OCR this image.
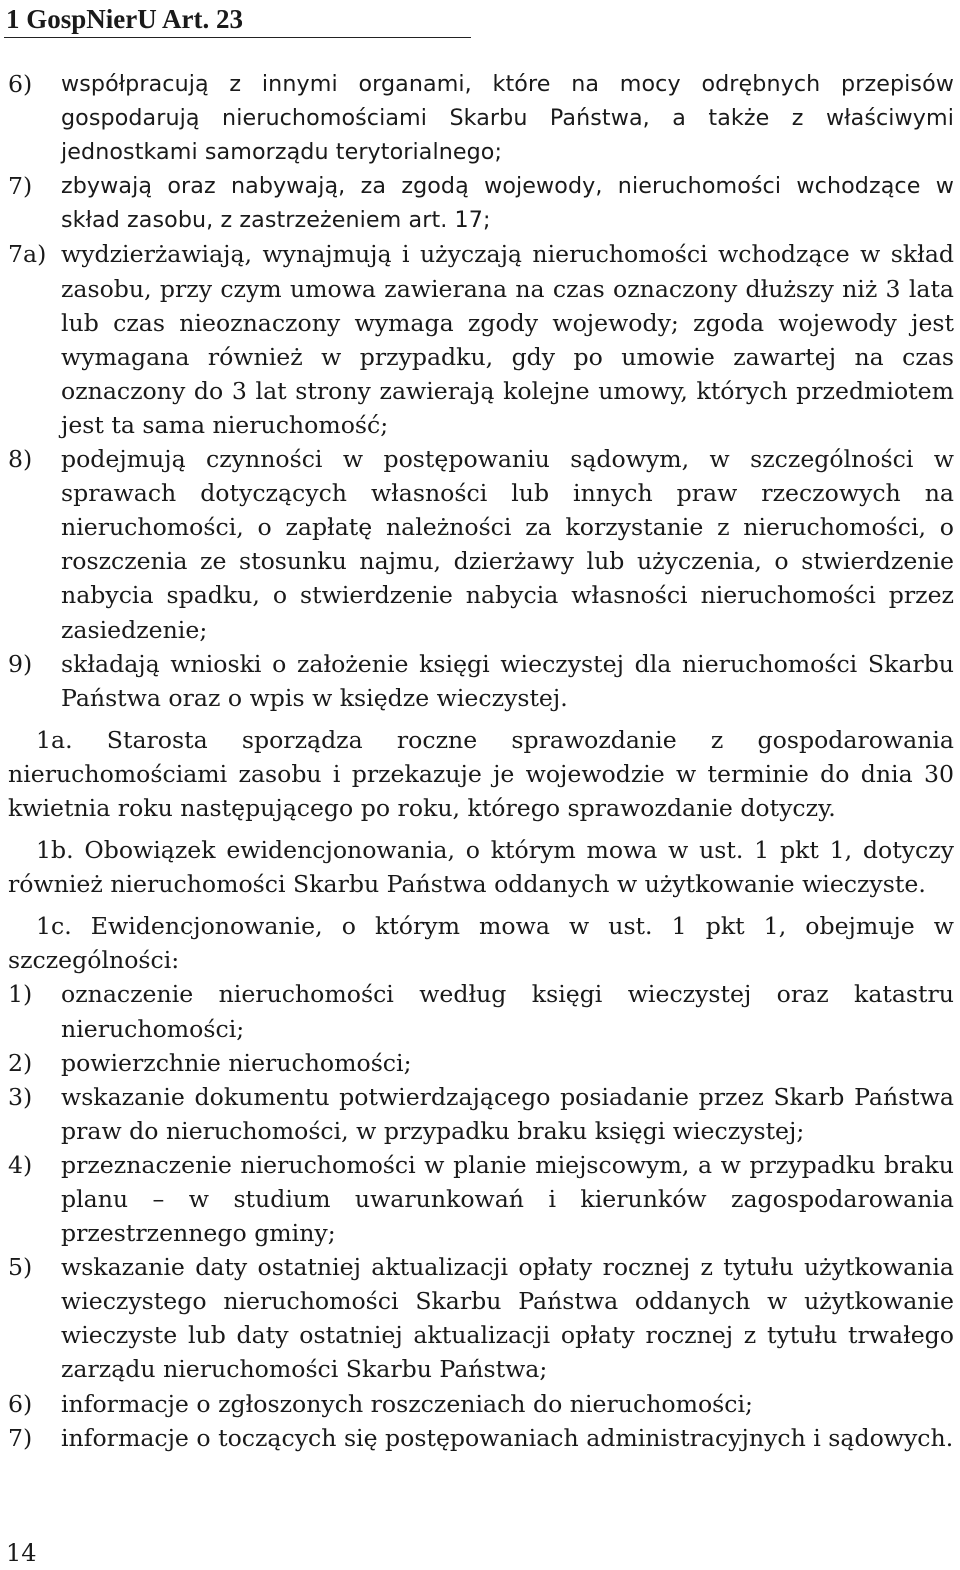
1 GospNierU Art. 23
6) współpracują z innymi organami, które na mocy odrębnych przepisów gospodarują nieruchomościami Skarbu Państwa, a także z właściwymi jednostkami samorządu terytorialnego;
7) zbywają oraz nabywają, za zgodą wojewody, nieruchomości wchodzące w skład zasobu, z zastrzeżeniem art. 17;
7a) wydzierżawiają, wynajmują i użyczają nieruchomości wchodzące w skład zasobu, przy czym umowa zawierana na czas oznaczony dłuższy niż 3 lata lub czas nieoznaczony wymaga zgody wojewody; zgoda wojewody jest wymagana również w przypadku, gdy po umowie zawartej na czas oznaczony do 3 lat strony zawierają kolejne umowy, których przedmiotem jest ta sama nieruchomość;
8) podejmują czynności w postępowaniu sądowym, w szczególności w sprawach dotyczących własności lub innych praw rzeczowych na nieruchomości, o zapłatę należności za korzystanie z nieruchomości, o roszczenia ze stosunku najmu, dzierżawy lub użyczenia, o stwierdzenie nabycia spadku, o stwierdzenie nabycia własności nieruchomości przez zasiedzenie;
9) składają wnioski o założenie księgi wieczystej dla nieruchomości Skarbu Państwa oraz o wpis w księdze wieczystej.

1a. Starosta sporządza roczne sprawozdanie z gospodarowania nieruchomościami zasobu i przekazuje je wojewodzie w terminie do dnia 30 kwietnia roku następującego po roku, którego sprawozdanie dotyczy.

1b. Obowiązek ewidencjonowania, o którym mowa w ust. 1 pkt 1, dotyczy również nieruchomości Skarbu Państwa oddanych w użytkowanie wieczyste.

1c. Ewidencjonowanie, o którym mowa w ust. 1 pkt 1, obejmuje w szczególności:

1) oznaczenie nieruchomości według księgi wieczystej oraz katastru nieruchomości;
2) powierzchnie nieruchomości;
3) wskazanie dokumentu potwierdzającego posiadanie przez Skarb Państwa praw do nieruchomości, w przypadku braku księgi wieczystej;
4) przeznaczenie nieruchomości w planie miejscowym, a w przypadku braku planu – w studium uwarunkowań i kierunków zagospodarowania przestrzennego gminy;
5) wskazanie daty ostatniej aktualizacji opłaty rocznej z tytułu użytkowania wieczystego nieruchomości Skarbu Państwa oddanych w użytkowanie wieczyste lub daty ostatniej aktualizacji opłaty rocznej z tytułu trwałego zarządu nieruchomości Skarbu Państwa;
6) informacje o zgłoszonych roszczeniach do nieruchomości;
7) informacje o toczących się postępowaniach administracyjnych i sądowych.
14
